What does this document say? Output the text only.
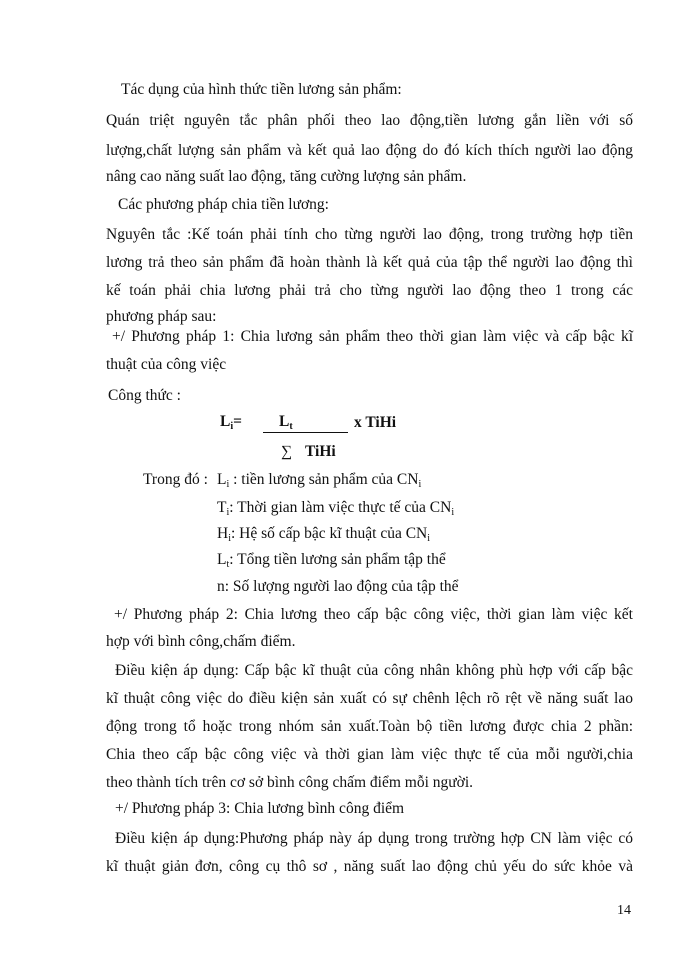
Tác dụng của hình thức tiền lương sản phẩm:
Quán triệt nguyên tắc phân phối theo lao động,tiền lương gắn liền với số
lượng,chất lượng sản phẩm và kết quả lao động do đó kích thích người lao động
nâng cao năng suất lao động, tăng cường lượng sản phẩm.
Các phương pháp chia tiền lương:
Nguyên tắc :Kế toán phải tính cho từng người lao động, trong trường hợp tiền
lương trả theo sản phẩm đã hoàn thành là kết quả của tập thể người lao động thì
kế toán phải chia lương phải trả cho từng người lao động theo 1 trong các
phương pháp sau:
+/ Phương pháp 1: Chia lương sản phẩm theo thời gian làm việc và cấp bậc kĩ
thuật của công việc
Công thức :
$L_i= L_t$	x TiHi
∑ TiHi
Trong đó : $L_i$ : tiền lương sản phẩm của $CN_i$
$T_i$: Thời gian làm việc thực tế của $CN_i$
$H_i$: Hệ số cấp bậc kĩ thuật của $CN_i$
$L_t$: Tổng tiền lương sản phẩm tập thể
n: Số lượng người lao động của tập thể
+/ Phương pháp 2: Chia lương theo cấp bậc công việc, thời gian làm việc kết
hợp với bình công,chấm điểm.
Điều kiện áp dụng: Cấp bậc kĩ thuật của công nhân không phù hợp với cấp bậc
kĩ thuật công việc do điều kiện sản xuất có sự chênh lệch rõ rệt về năng suất lao
động trong tổ hoặc trong nhóm sản xuất.Toàn bộ tiền lương được chia 2 phần:
Chia theo cấp bậc công việc và thời gian làm việc thực tế của mỗi người,chia
theo thành tích trên cơ sở bình công chấm điểm mỗi người.
+/ Phương pháp 3: Chia lương bình công điểm
Điều kiện áp dụng:Phương pháp này áp dụng trong trường hợp CN làm việc có
kĩ thuật giản đơn, công cụ thô sơ , năng suất lao động chủ yếu do sức khỏe và
14
